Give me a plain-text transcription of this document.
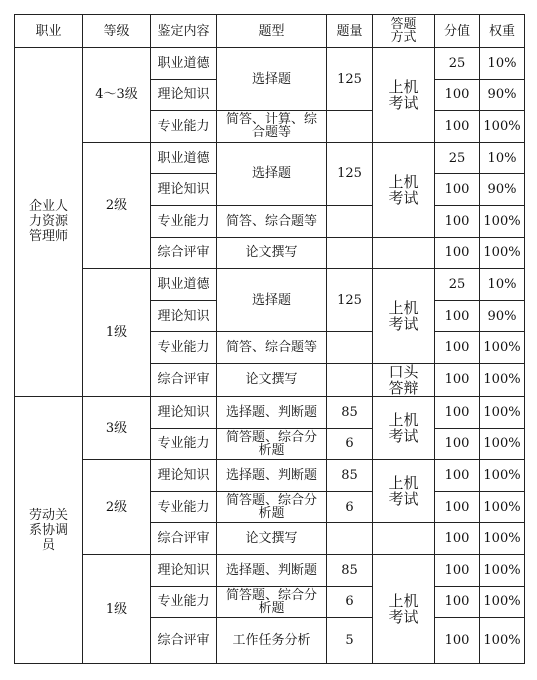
职业	等级	鉴定内容	题型	题量	答题方式	分值	权重
企业人力资源管理师	4～3级	职业道德	选择题	125	上机考试	25	10%
		理论知识				100	90%
		专业能力	简答、计算、综合题等			100	100%
	2级	职业道德	选择题	125	上机考试	25	10%
		理论知识				100	90%
		专业能力	简答、综合题等			100	100%
		综合评审	论文撰写			100	100%
	1级	职业道德	选择题	125	上机考试	25	10%
		理论知识				100	90%
		专业能力	简答、综合题等			100	100%
		综合评审	论文撰写		口头答辩	100	100%
劳动关系协调员	3级	理论知识	选择题、判断题	85	上机考试	100	100%
		专业能力	简答题、综合分析题	6		100	100%
	2级	理论知识	选择题、判断题	85	上机考试	100	100%
		专业能力	简答题、综合分析题	6		100	100%
		综合评审	论文撰写			100	100%
	1级	理论知识	选择题、判断题	85	上机考试	100	100%
		专业能力	简答题、综合分析题	6		100	100%
		综合评审	工作任务分析	5		100	100%
